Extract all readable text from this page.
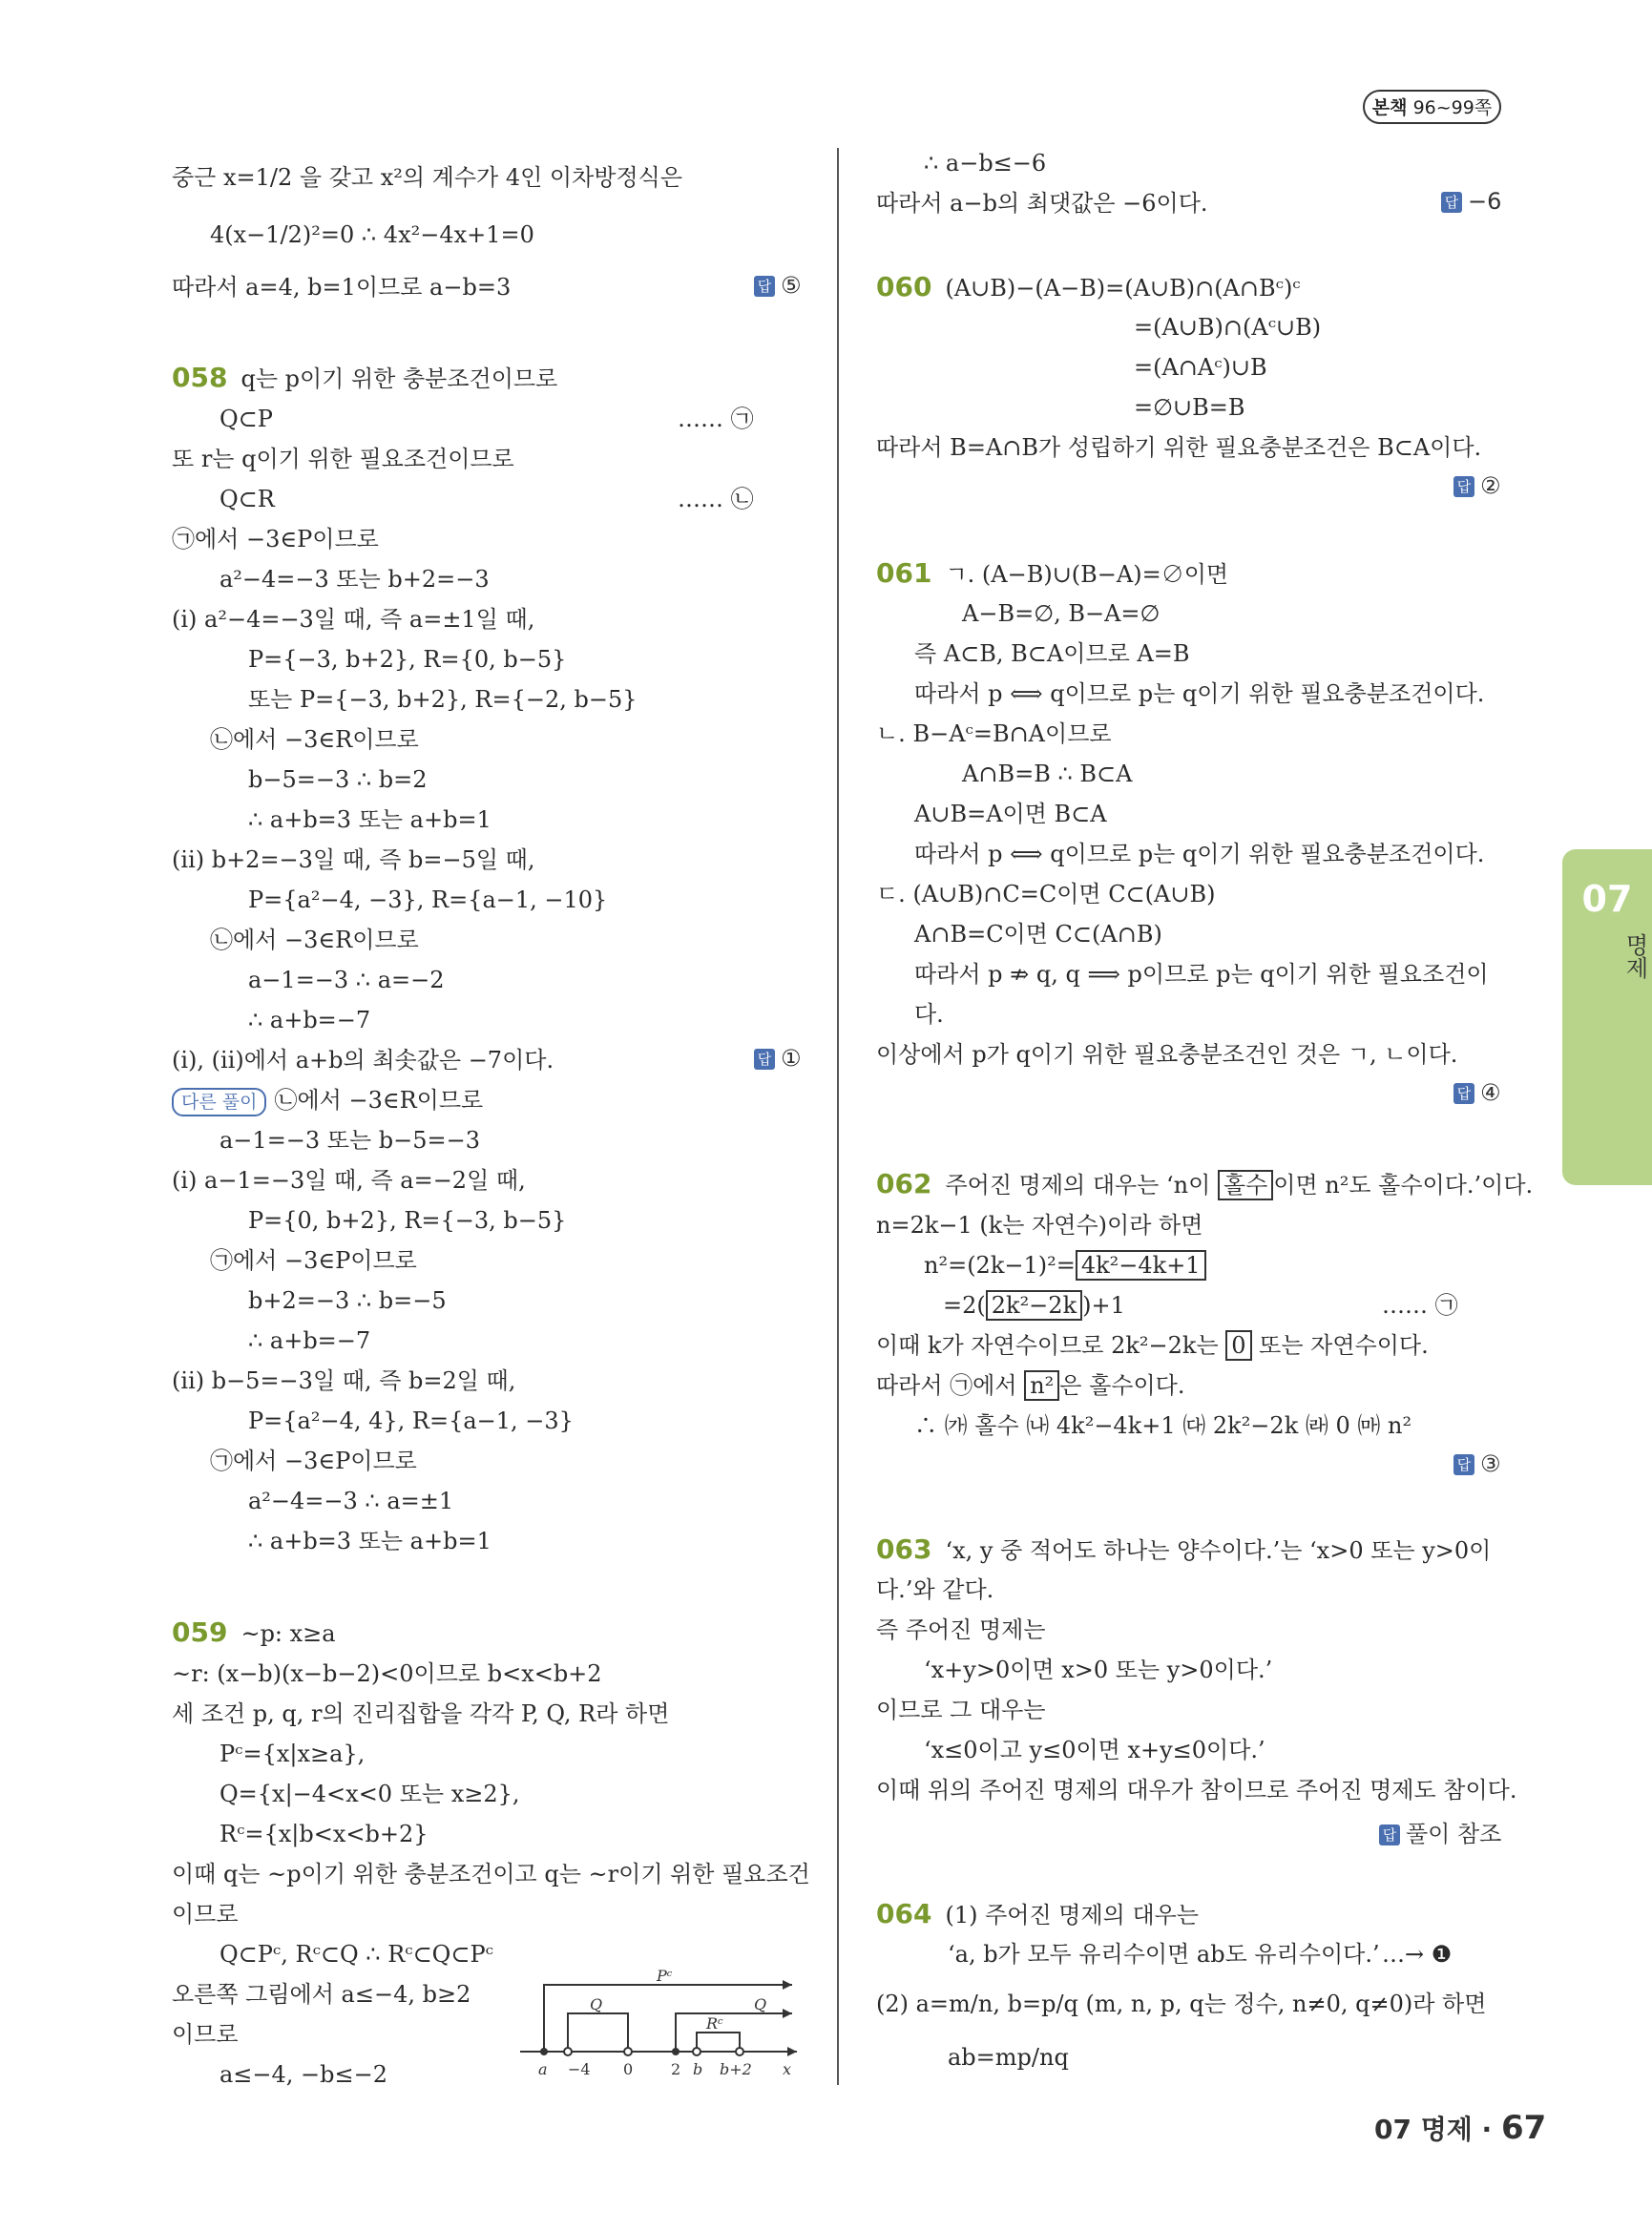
본책 96~99쪽
중근 x=1/2 을 갖고 x²의 계수가 4인 이차방정식은
4(x−1/2)²=0 ∴ 4x²−4x+1=0
따라서 a=4, b=1이므로 a−b=3
058 q는 p이기 위한 충분조건이므로
Q⊂P
또 r는 q이기 위한 필요조건이므로
Q⊂R
㉠에서 −3∈P이므로
a²−4=−3 또는 b+2=−3
(ⅰ) a²−4=−3일 때, 즉 a=±1일 때,
P={−3, b+2}, R={0, b−5}
또는 P={−3, b+2}, R={−2, b−5}
㉡에서 −3∈R이므로
b−5=−3 ∴ b=2
∴ a+b=3 또는 a+b=1
(ⅱ) b+2=−3일 때, 즉 b=−5일 때,
P={a²−4, −3}, R={a−1, −10}
㉡에서 −3∈R이므로
a−1=−3 ∴ a=−2
∴ a+b=−7
(ⅰ), (ⅱ)에서 a+b의 최솟값은 −7이다.
다른 풀이 ㉡에서 −3∈R이므로
a−1=−3 또는 b−5=−3
(ⅰ) a−1=−3일 때, 즉 a=−2일 때,
P={0, b+2}, R={−3, b−5}
㉠에서 −3∈P이므로
b+2=−3 ∴ b=−5
∴ a+b=−7
(ⅱ) b−5=−3일 때, 즉 b=2일 때,
P={a²−4, 4}, R={a−1, −3}
㉠에서 −3∈P이므로
a²−4=−3 ∴ a=±1
∴ a+b=3 또는 a+b=1
059 ~p: x≥a
~r: (x−b)(x−b−2)<0이므로 b<x<b+2
세 조건 p, q, r의 진리집합을 각각 P, Q, R라 하면
Pᶜ={x|x≥a},
Q={x|−4<x<0 또는 x≥2},
Rᶜ={x|b<x<b+2}
이때 q는 ~p이기 위한 충분조건이고 q는 ~r이기 위한 필요조건
이므로
Q⊂Pᶜ, Rᶜ⊂Q ∴ Rᶜ⊂Q⊂Pᶜ
오른쪽 그림에서 a≤−4, b≥2
이므로
a≤−4, −b≤−2
…… ㉠
…… ㉡
답 ⑤
답 ①
∴ a−b≤−6
따라서 a−b의 최댓값은 −6이다.
060 (A∪B)−(A−B)=(A∪B)∩(A∩Bᶜ)ᶜ
=(A∪B)∩(Aᶜ∪B)
=(A∩Aᶜ)∪B
=∅∪B=B
따라서 B=A∩B가 성립하기 위한 필요충분조건은 B⊂A이다.
061 ㄱ. (A−B)∪(B−A)=∅이면
A−B=∅, B−A=∅
즉 A⊂B, B⊂A이므로 A=B
따라서 p ⟺ q이므로 p는 q이기 위한 필요충분조건이다.
ㄴ. B−Aᶜ=B∩A이므로
A∩B=B ∴ B⊂A
A∪B=A이면 B⊂A
따라서 p ⟺ q이므로 p는 q이기 위한 필요충분조건이다.
ㄷ. (A∪B)∩C=C이면 C⊂(A∪B)
A∩B=C이면 C⊂(A∩B)
따라서 p ⇏ q, q ⟹ p이므로 p는 q이기 위한 필요조건이
다.
이상에서 p가 q이기 위한 필요충분조건인 것은 ㄱ, ㄴ이다.
062 주어진 명제의 대우는 ‘n이 홀수 이면 n²도 홀수이다.’이다.
n=2k−1 (k는 자연수)이라 하면
n²=(2k−1)²= 4k²−4k+1
=2( 2k²−2k )+1
이때 k가 자연수이므로 2k²−2k는 0 또는 자연수이다.
따라서 ㉠에서 n² 은 홀수이다.
∴ ㈎ 홀수 ㈏ 4k²−4k+1 ㈐ 2k²−2k ㈑ 0 ㈒ n²
063 ‘x, y 중 적어도 하나는 양수이다.’는 ‘x>0 또는 y>0이
다.’와 같다.
즉 주어진 명제는
‘x+y>0이면 x>0 또는 y>0이다.’
이므로 그 대우는
‘x≤0이고 y≤0이면 x+y≤0이다.’
이때 위의 주어진 명제의 대우가 참이므로 주어진 명제도 참이다.
064 (1) 주어진 명제의 대우는
‘a, b가 모두 유리수이면 ab도 유리수이다.’
(2) a=m/n, b=p/q (m, n, p, q는 정수, n≠0, q≠0)라 하면
ab=mp/nq
…… ㉠
…→ ❶
답 −6
답 ②
답 ④
답 ③
답 풀이 참조
a −4 0 2 b b+2 x
Q	Q
Pᶜ
Rᶜ
07
명제
07 명제 · 67
